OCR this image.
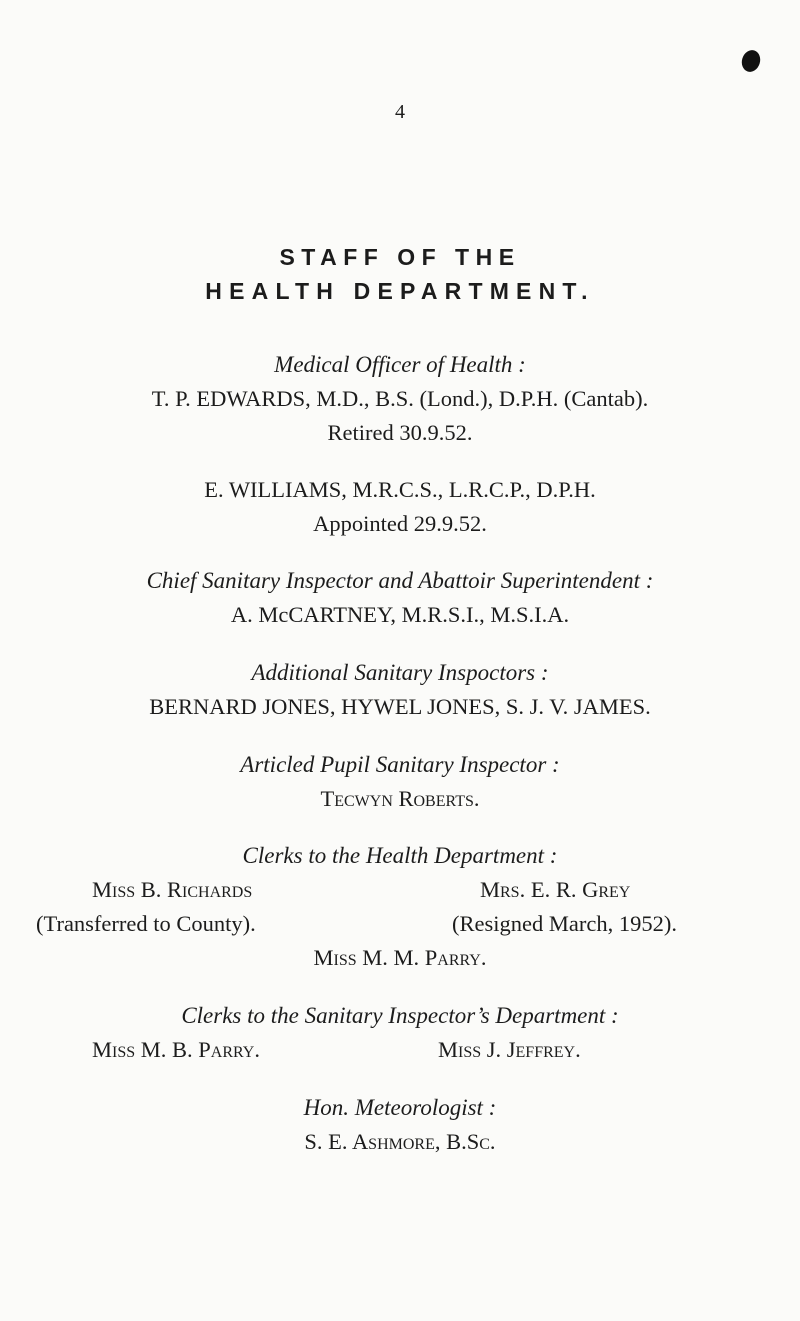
4
STAFF OF THE
HEALTH DEPARTMENT.
Medical Officer of Health :
T. P. EDWARDS, M.D., B.S. (Lond.), D.P.H. (Cantab).
Retired 30.9.52.
E. WILLIAMS, M.R.C.S., L.R.C.P., D.P.H.
Appointed 29.9.52.
Chief Sanitary Inspector and Abattoir Superintendent :
A. McCARTNEY, M.R.S.I., M.S.I.A.
Additional Sanitary Inspoctors :
BERNARD JONES, HYWEL JONES, S. J. V. JAMES.
Articled Pupil Sanitary Inspector :
Tecwyn Roberts.
Clerks to the Health Department :
Miss B. Richards	Mrs. E. R. Grey
(Transferred to County).	(Resigned March, 1952).
Miss M. M. Parry.
Clerks to the Sanitary Inspector’s Department :
Miss M. B. Parry.	Miss J. Jeffrey.
Hon. Meteorologist :
S. E. Ashmore, B.Sc.
